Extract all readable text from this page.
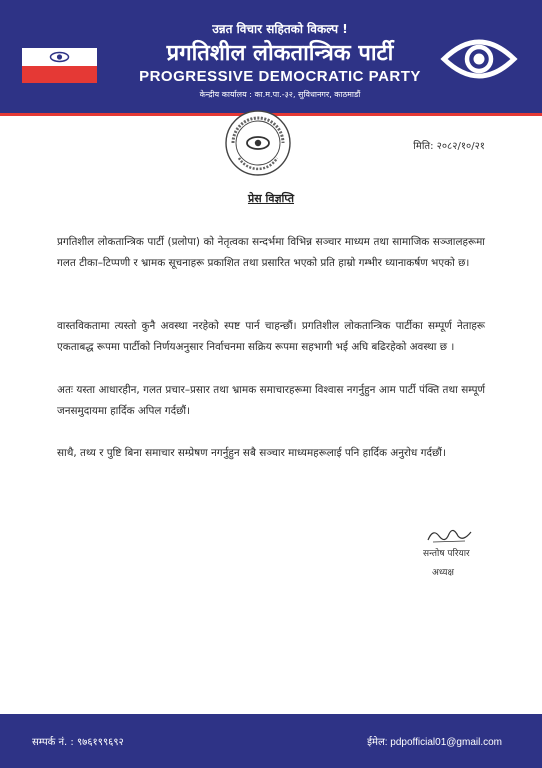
उन्नत विचार सहितको विकल्प !
प्रगतिशील लोकतान्त्रिक पार्टी
PROGRESSIVE DEMOCRATIC PARTY
केन्द्रीय कार्यालय : का.म.पा.-३२, सुविधानगर, काठमाडौं
मिति: २०८२/१०/२१
प्रेस विज्ञप्ति

प्रगतिशील लोकतान्त्रिक पार्टी (प्रलोपा) को नेतृत्वका सन्दर्भमा विभिन्न सञ्चार माध्यम तथा सामाजिक सञ्जालहरूमा गलत टीका–टिप्पणी र भ्रामक सूचनाहरू प्रकाशित तथा प्रसारित भएको प्रति हाम्रो गम्भीर ध्यानाकर्षण भएको छ।

वास्तविकतामा त्यस्तो कुनै अवस्था नरहेको स्पष्ट पार्न चाहन्छौं। प्रगतिशील लोकतान्त्रिक पार्टीका सम्पूर्ण नेताहरू एकताबद्ध रूपमा पार्टीको निर्णयअनुसार निर्वाचनमा सक्रिय रूपमा सहभागी भई अघि बढिरहेको अवस्था छ ।

अतः यस्ता आधारहीन, गलत प्रचार–प्रसार तथा भ्रामक समाचारहरूमा विश्वास नगर्नुहुन आम पार्टी पंक्ति तथा सम्पूर्ण जनसमुदायमा हार्दिक अपिल गर्दछौं।

साथै, तथ्य र पुष्टि बिना समाचार सम्प्रेषण नगर्नुहुन सबै सञ्चार माध्यमहरूलाई पनि हार्दिक अनुरोध गर्दछौं।

सन्तोष परियार
अध्यक्ष
सम्पर्क नं. : ९७६१९९६९२	ईमेल: pdpofficial01@gmail.com
